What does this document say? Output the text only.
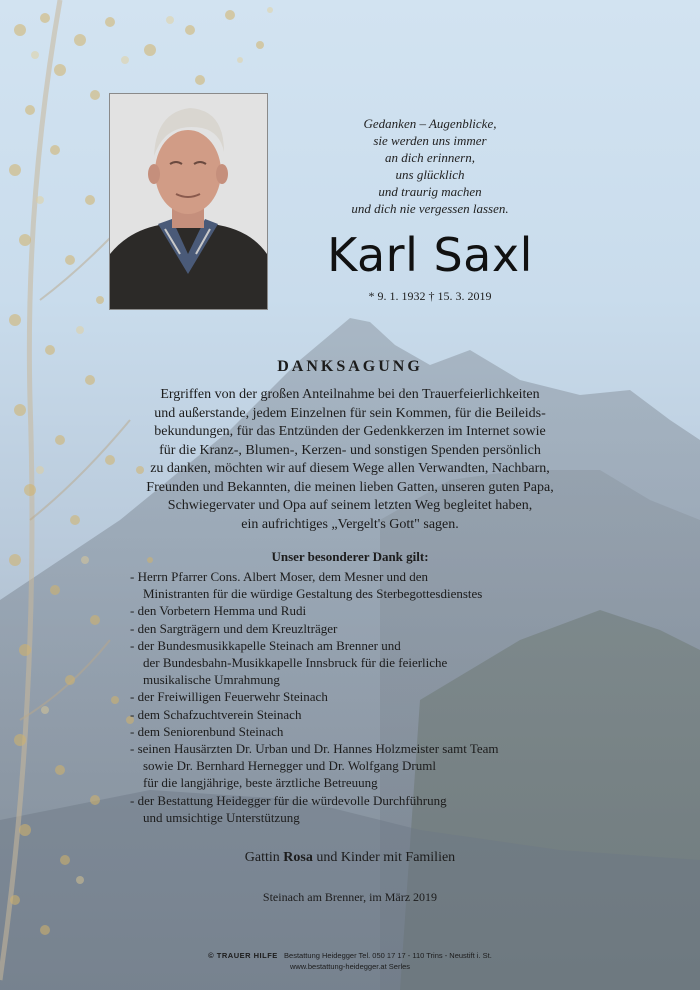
Gedanken – Augenblicke,
sie werden uns immer
an dich erinnern,
uns glücklich
und traurig machen
und dich nie vergessen lassen.
Karl Saxl
* 9. 1. 1932 † 15. 3. 2019
DANKSAGUNG
Ergriffen von der großen Anteilnahme bei den Trauerfeierlichkeiten
und außerstande, jedem Einzelnen für sein Kommen, für die Beileids-
bekundungen, für das Entzünden der Gedenkkerzen im Internet sowie
für die Kranz-, Blumen-, Kerzen- und sonstigen Spenden persönlich
zu danken, möchten wir auf diesem Wege allen Verwandten, Nachbarn,
Freunden und Bekannten, die meinen lieben Gatten, unseren guten Papa,
Schwiegervater und Opa auf seinem letzten Weg begleitet haben,
ein aufrichtiges „Vergelt's Gott" sagen.
Unser besonderer Dank gilt:
- Herrn Pfarrer Cons. Albert Moser, dem Mesner und den
Ministranten für die würdige Gestaltung des Sterbegottesdienstes
- den Vorbetern Hemma und Rudi
- den Sargträgern und dem Kreuzlträger
- der Bundesmusikkapelle Steinach am Brenner und
der Bundesbahn-Musikkapelle Innsbruck für die feierliche
musikalische Umrahmung
- der Freiwilligen Feuerwehr Steinach
- dem Schafzuchtverein Steinach
- dem Seniorenbund Steinach
- seinen Hausärzten Dr. Urban und Dr. Hannes Holzmeister samt Team
sowie Dr. Bernhard Hernegger und Dr. Wolfgang Druml
für die langjährige, beste ärztliche Betreuung
- der Bestattung Heidegger für die würdevolle Durchführung
und umsichtige Unterstützung
Gattin Rosa und Kinder mit Familien
Steinach am Brenner, im März 2019
© TRAUER HILFE Bestattung Heidegger Tel. 050 17 17 - 110 Trins - Neustift i. St.
www.bestattung-heidegger.at Serles
